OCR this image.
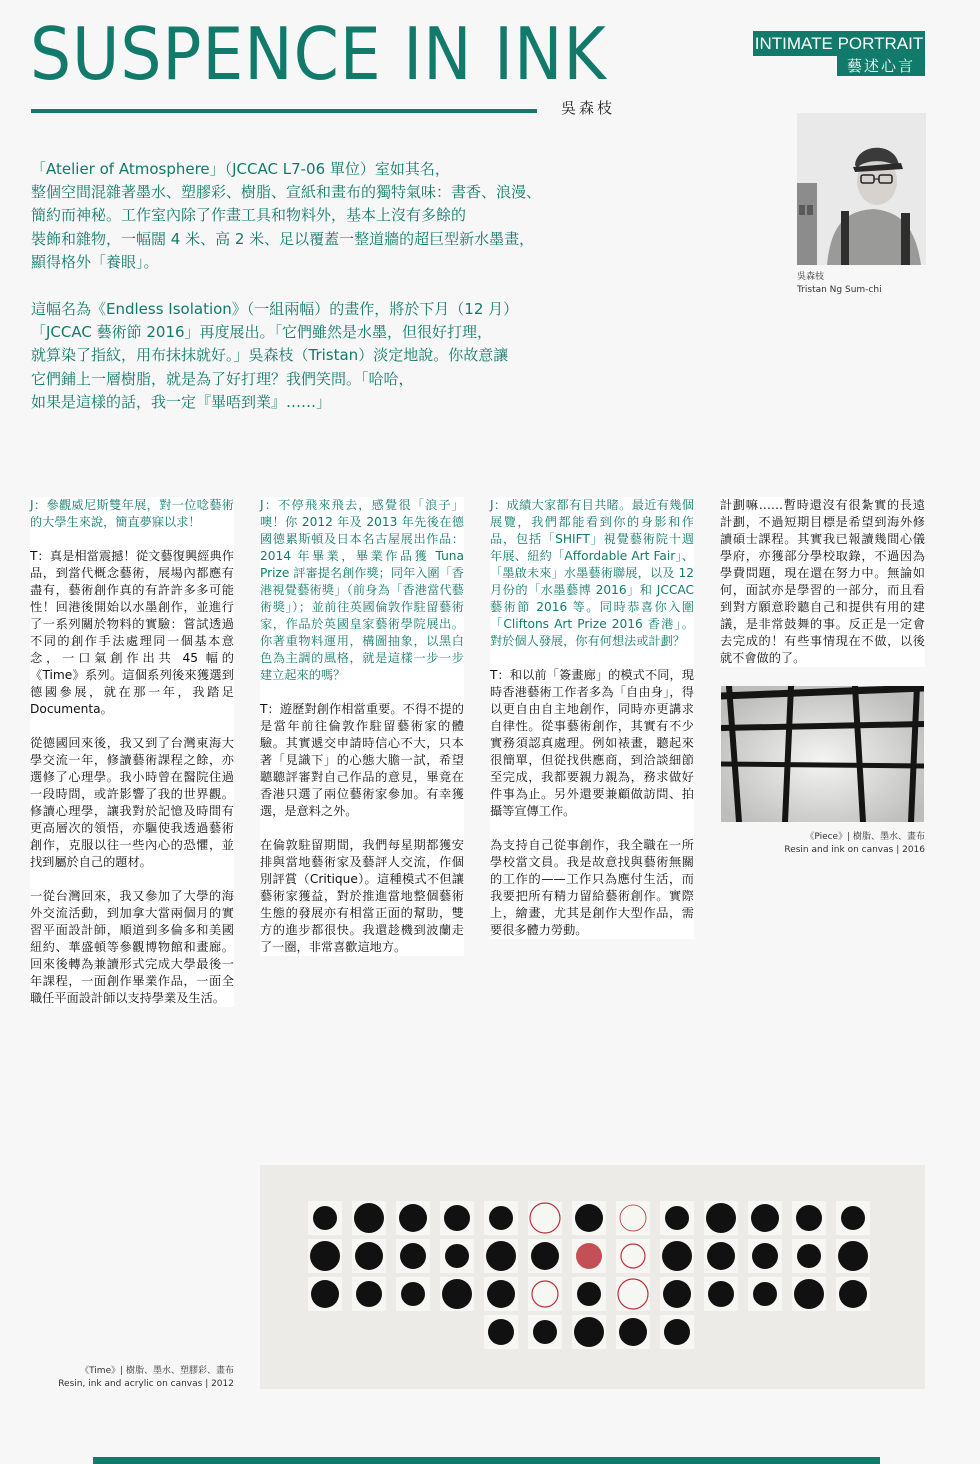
SUSPENCE IN INK
吳森枝
INTIMATE PORTRAIT
藝述心言
吳森枝
Tristan Ng Sum-chi

「Atelier of Atmosphere」（JCCAC L7-06 單位）室如其名，

整個空間混雜著墨水、塑膠彩、樹脂、宣紙和畫布的獨特氣味：書香、浪漫、

簡約而神秘。工作室內除了作畫工具和物料外，基本上沒有多餘的

裝飾和雜物，一幅闊 4 米、高 2 米、足以覆蓋一整道牆的超巨型新水墨畫，

顯得格外「養眼」。

這幅名為《Endless Isolation》（一組兩幅）的畫作，將於下月（12 月）

「JCCAC 藝術節 2016」再度展出。「它們雖然是水墨，但很好打理，

就算染了指紋，用布抹抹就好。」吳森枝（Tristan）淡定地說。你故意讓

它們鋪上一層樹脂，就是為了好打理？我們笑問。「哈哈，

如果是這樣的話，我一定『畢唔到業』……」

J：參觀威尼斯雙年展，對一位唸藝術的大學生來說，簡直夢寐以求！

T：真是相當震撼！從文藝復興經典作品，到當代概念藝術，展場內都應有盡有，藝術創作真的有許許多多可能性！回港後開始以水墨創作，並進行了一系列關於物料的實驗：嘗試透過不同的創作手法處理同一個基本意念，一口氣創作出共 45 幅的《Time》系列。這個系列後來獲選到德國參展，就在那一年，我踏足 Documenta。

從德國回來後，我又到了台灣東海大學交流一年，修讀藝術課程之餘，亦選修了心理學。我小時曾在醫院住過一段時間，或許影響了我的世界觀。修讀心理學，讓我對於記憶及時間有更高層次的領悟，亦驅使我透過藝術創作，克服以往一些內心的恐懼，並找到屬於自己的題材。

一從台灣回來，我又參加了大學的海外交流活動，到加拿大當兩個月的實習平面設計師，順道到多倫多和美國紐約、華盛頓等參觀博物館和畫廊。回來後轉為兼讀形式完成大學最後一年課程，一面創作畢業作品，一面全職任平面設計師以支持學業及生活。

J：不停飛來飛去，感覺很「浪子」噢！你 2012 年及 2013 年先後在德國德累斯頓及日本名古屋展出作品：2014 年畢業，畢業作品獲 Tuna Prize 評審提名創作獎；同年入圍「香港視覺藝術獎」（前身為「香港當代藝術獎」）；並前往英國倫敦作駐留藝術家，作品於英國皇家藝術學院展出。你著重物料運用，構圖抽象，以黑白色為主調的風格，就是這樣一步一步建立起來的嗎？

T：遊歷對創作相當重要。不得不提的是當年前往倫敦作駐留藝術家的體驗。其實遞交申請時信心不大，只本著「見識下」的心態大膽一試，希望聽聽評審對自己作品的意見，畢竟在香港只選了兩位藝術家參加。有幸獲選，是意料之外。

在倫敦駐留期間，我們每星期都獲安排與當地藝術家及藝評人交流，作個別評賞（Critique）。這種模式不但讓藝術家獲益，對於推進當地整個藝術生態的發展亦有相當正面的幫助，雙方的進步都很快。我還趁機到波蘭走了一圈，非常喜歡這地方。

J：成績大家都有目共睹。最近有幾個展覽，我們都能看到你的身影和作品，包括「SHIFT」視覺藝術院十週年展、紐約「Affordable Art Fair」、「墨啟未來」水墨藝術聯展，以及 12 月份的「水墨藝博 2016」和 JCCAC 藝術節 2016 等。同時恭喜你入圍「Cliftons Art Prize 2016 香港」。對於個人發展，你有何想法或計劃？

T：和以前「簽畫廊」的模式不同，現時香港藝術工作者多為「自由身」，得以更自由自主地創作，同時亦更講求自律性。從事藝術創作，其實有不少實務須認真處理。例如裱畫，聽起來很簡單，但從找供應商，到洽談細節至完成，我都要親力親為，務求做好件事為止。另外還要兼顧做訪問、拍攝等宣傳工作。

為支持自己從事創作，我全職在一所學校當文員。我是故意找與藝術無關的工作的——工作只為應付生活，而我要把所有精力留給藝術創作。實際上，繪畫，尤其是創作大型作品，需要很多體力勞動。

計劃嘛……暫時還沒有很紮實的長遠計劃，不過短期目標是希望到海外修讀碩士課程。其實我已報讀幾間心儀學府，亦獲部分學校取錄，不過因為學費問題，現在還在努力中。無論如何，面試亦是學習的一部分，而且看到對方願意聆聽自己和提供有用的建議，是非常鼓舞的事。反正是一定會去完成的！有些事情現在不做，以後就不會做的了。

《Piece》| 樹脂、墨水、畫布
Resin and ink on canvas | 2016
《Time》| 樹脂、墨水、塑膠彩、畫布
Resin, ink and acrylic on canvas | 2012
